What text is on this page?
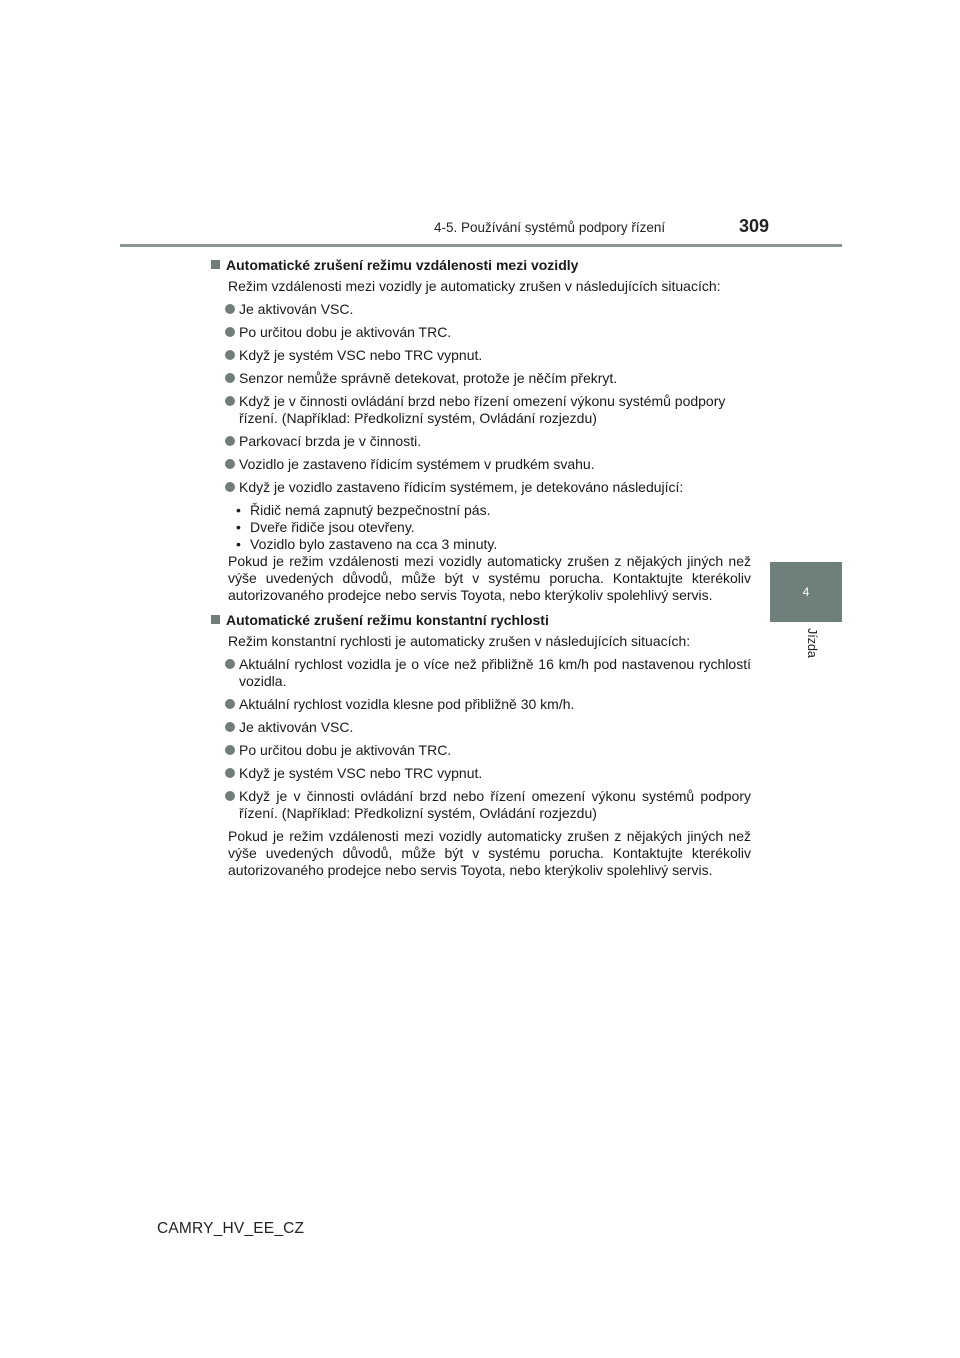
4-5. Používání systémů podpory řízení	309
4
Jízda
Automatické zrušení režimu vzdálenosti mezi vozidly
Režim vzdálenosti mezi vozidly je automaticky zrušen v následujících situacích:
Je aktivován VSC.
Po určitou dobu je aktivován TRC.
Když je systém VSC nebo TRC vypnut.
Senzor nemůže správně detekovat, protože je něčím překryt.
Když je v činnosti ovládání brzd nebo řízení omezení výkonu systémů podpory řízení. (Například: Předkolizní systém, Ovládání rozjezdu)
Parkovací brzda je v činnosti.
Vozidlo je zastaveno řídicím systémem v prudkém svahu.
Když je vozidlo zastaveno řídicím systémem, je detekováno následující:
• Řidič nemá zapnutý bezpečnostní pás.
• Dveře řidiče jsou otevřeny.
• Vozidlo bylo zastaveno na cca 3 minuty.
Pokud je režim vzdálenosti mezi vozidly automaticky zrušen z nějakých jiných než výše uvedených důvodů, může být v systému porucha. Kontaktujte kterékoliv autorizovaného prodejce nebo servis Toyota, nebo kterýkoliv spolehlivý servis.
Automatické zrušení režimu konstantní rychlosti
Režim konstantní rychlosti je automaticky zrušen v následujících situacích:
Aktuální rychlost vozidla je o více než přibližně 16 km/h pod nastavenou rychlostí vozidla.
Aktuální rychlost vozidla klesne pod přibližně 30 km/h.
Je aktivován VSC.
Po určitou dobu je aktivován TRC.
Když je systém VSC nebo TRC vypnut.
Když je v činnosti ovládání brzd nebo řízení omezení výkonu systémů podpory řízení. (Například: Předkolizní systém, Ovládání rozjezdu)
Pokud je režim vzdálenosti mezi vozidly automaticky zrušen z nějakých jiných než výše uvedených důvodů, může být v systému porucha. Kontaktujte kterékoliv autorizovaného prodejce nebo servis Toyota, nebo kterýkoliv spolehlivý servis.
CAMRY_HV_EE_CZ
